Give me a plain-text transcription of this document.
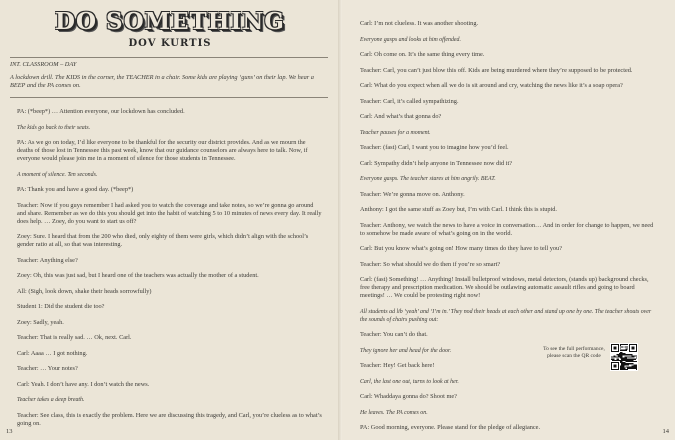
DO SOMETHING
DOV KURTIS
INT. CLASSROOM – DAY
A lockdown drill. The KIDS in the corner, the TEACHER in a chair. Some kids are playing ‘guns’ on their lap. We hear a BEEP and the PA comes on.

PA: (*beep*) … Attention everyone, our lockdown has concluded.

The kids go back to their seats.

PA: As we go on today, I’d like everyone to be thankful for the security our district provides. And as we mourn the deaths of those lost in Tennessee this past week, know that our guidance counselors are always here to talk. Now, if everyone would please join me in a moment of silence for those students in Tennessee.

A moment of silence. Ten seconds.

PA: Thank you and have a good day. (*beep*)

Teacher: Now if you guys remember I had asked you to watch the coverage and take notes, so we’re gonna go around and share. Remember as we do this you should get into the habit of watching 5 to 10 minutes of news every day. It really does help. … Zoey, do you want to start us off?

Zoey: Sure. I heard that from the 200 who died, only eighty of them were girls, which didn’t align with the school’s gender ratio at all, so that was interesting.

Teacher: Anything else?

Zoey: Oh, this was just sad, but I heard one of the teachers was actually the mother of a student.

All: (Sigh, look down, shake their heads sorrowfully)

Student 1: Did the student die too?

Zoey: Sadly, yeah.

Teacher: That is really sad. … Ok, next. Carl.

Carl: Aaaa … I got nothing.

Teacher: … Your notes?

Carl: Yeah. I don’t have any. I don’t watch the news.

Teacher takes a deep breath.

Teacher: See class, this is exactly the problem. Here we are discussing this tragedy, and Carl, you’re clueless as to what’s going on.

Carl: I’m not clueless. It was another shooting.

Everyone gasps and looks at him offended.

Carl: Oh come on. It’s the same thing every time.

Teacher: Carl, you can’t just blow this off. Kids are being murdered where they’re supposed to be protected.

Carl: What do you expect when all we do is sit around and cry, watching the news like it’s a soap opera?

Teacher: Carl, it’s called sympathizing.

Carl: And what’s that gonna do?

Teacher pauses for a moment.

Teacher: (fast) Carl, I want you to imagine how you’d feel.

Carl: Sympathy didn’t help anyone in Tennessee now did it?

Everyone gasps. The teacher stares at him angrily. BEAT.

Teacher: We’re gonna move on. Anthony.

Anthony: I got the same stuff as Zoey but, I’m with Carl. I think this is stupid.

Teacher: Anthony, we watch the news to have a voice in conversation… And in order for change to happen, we need to somehow be made aware of what’s going on in the world.

Carl: But you know what’s going on! How many times do they have to tell you?

Teacher: So what should we do then if you’re so smart?

Carl: (fast) Something! … Anything! Install bulletproof windows, metal detectors, (stands up) background checks, free therapy and prescription medication. We should be outlawing automatic assault rifles and going to board meetings! … We could be protesting right now!

All students ad lib ‘yeah’ and ‘I’m in.’ They nod their heads at each other and stand up one by one. The teacher shouts over the sounds of chairs pushing out:

Teacher: You can’t do that.

They ignore her and head for the door.

Teacher: Hey! Get back here!

Carl, the last one out, turns to look at her.

Carl: Whaddaya gonna do? Shoot me?

He leaves. The PA comes on.

PA: Good morning, everyone. Please stand for the pledge of allegiance.

To see the full performance, please scan the QR code
13	14
